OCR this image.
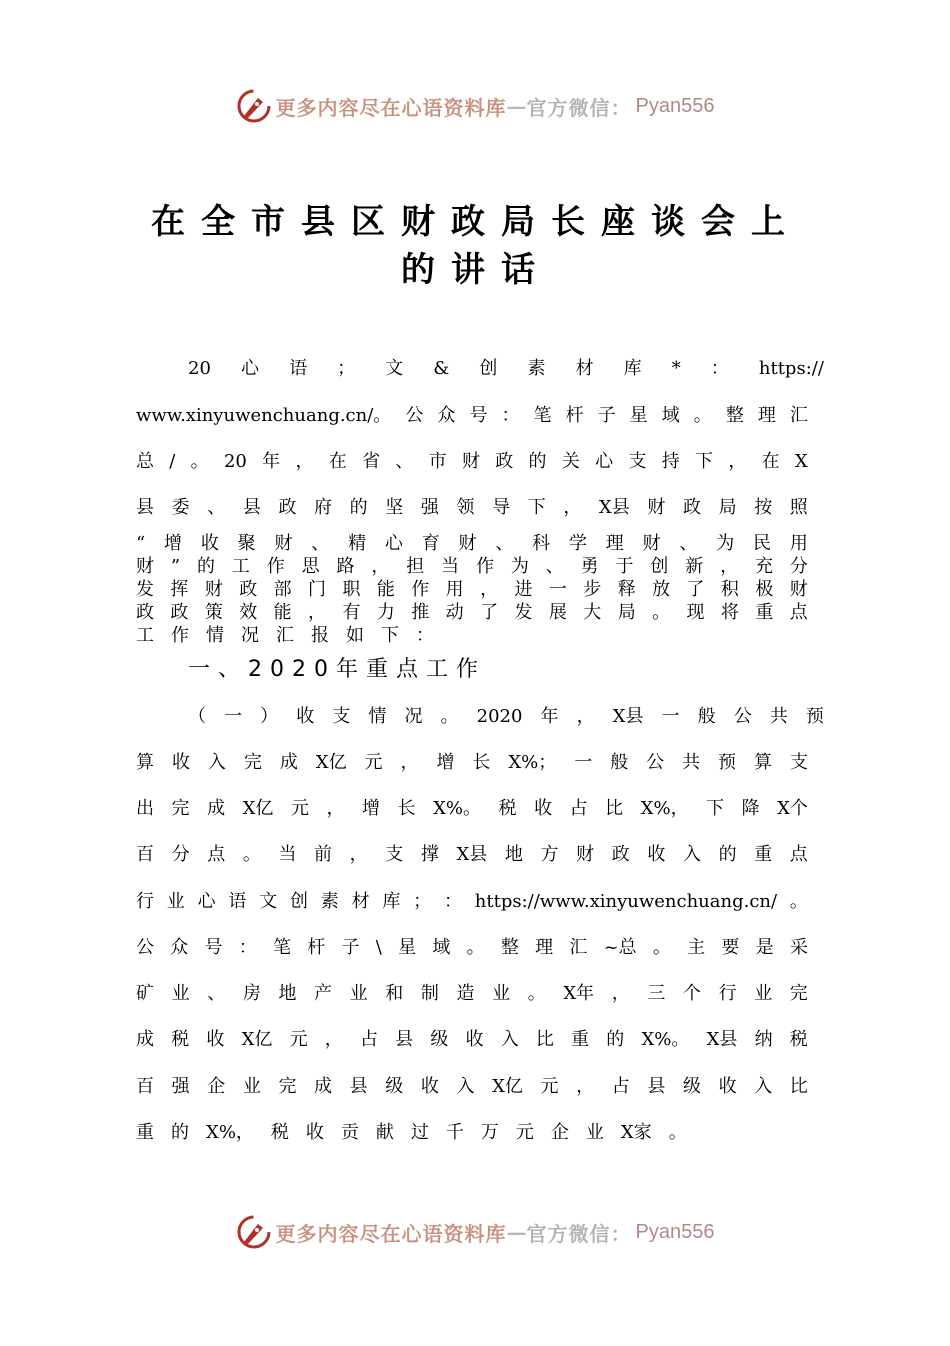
更多内容尽在心语资料库 — 官方微信： Pyan556
在全市县区财政局长座谈会上的讲话
20 心 语 ； 文 & 创 素 材 库 * ： https://
www.xinyuwenchuang.cn/。 公 众 号 ： 笔 杆 子 星 域 。 整 理 汇
总 / 。 20 年 ， 在 省 、 市 财 政 的 关 心 支 持 下 ， 在 X
县 委 、 县 政 府 的 坚 强 领 导 下 ， X县 财 政 局 按 照
“ 增 收 聚 财 、 精 心 育 财 、 科 学 理 财 、 为 民 用
财 ” 的 工 作 思 路 ， 担 当 作 为 、 勇 于 创 新 ， 充 分
发 挥 财 政 部 门 职 能 作 用 ， 进 一 步 释 放 了 积 极 财
政 政 策 效 能 ， 有 力 推 动 了 发 展 大 局 。 现 将 重 点
工 作 情 况 汇 报 如 下 ：
一、2020年重点工作
（ 一 ） 收 支 情 况 。 2020 年 ， X县 一 般 公 共 预
算 收 入 完 成 X亿 元 ， 增 长 X%； 一 般 公 共 预 算 支
出 完 成 X亿 元 ， 增 长 X%。 税 收 占 比 X%， 下 降 X个
百 分 点 。 当 前 ， 支 撑 X县 地 方 财 政 收 入 的 重 点
行 业 心 语 文 创 素 材 库 ； ： https://www.xinyuwenchuang.cn/ 。
公 众 号 ： 笔 杆 子 \ 星 域 。 整 理 汇 ~总 。 主 要 是 采
矿 业 、 房 地 产 业 和 制 造 业 。 X年 ， 三 个 行 业 完
成 税 收 X亿 元 ， 占 县 级 收 入 比 重 的 X%。 X县 纳 税
百 强 企 业 完 成 县 级 收 入 X亿 元 ， 占 县 级 收 入 比
重 的 X%， 税 收 贡 献 过 千 万 元 企 业 X家 。
更多内容尽在心语资料库 — 官方微信： Pyan556
